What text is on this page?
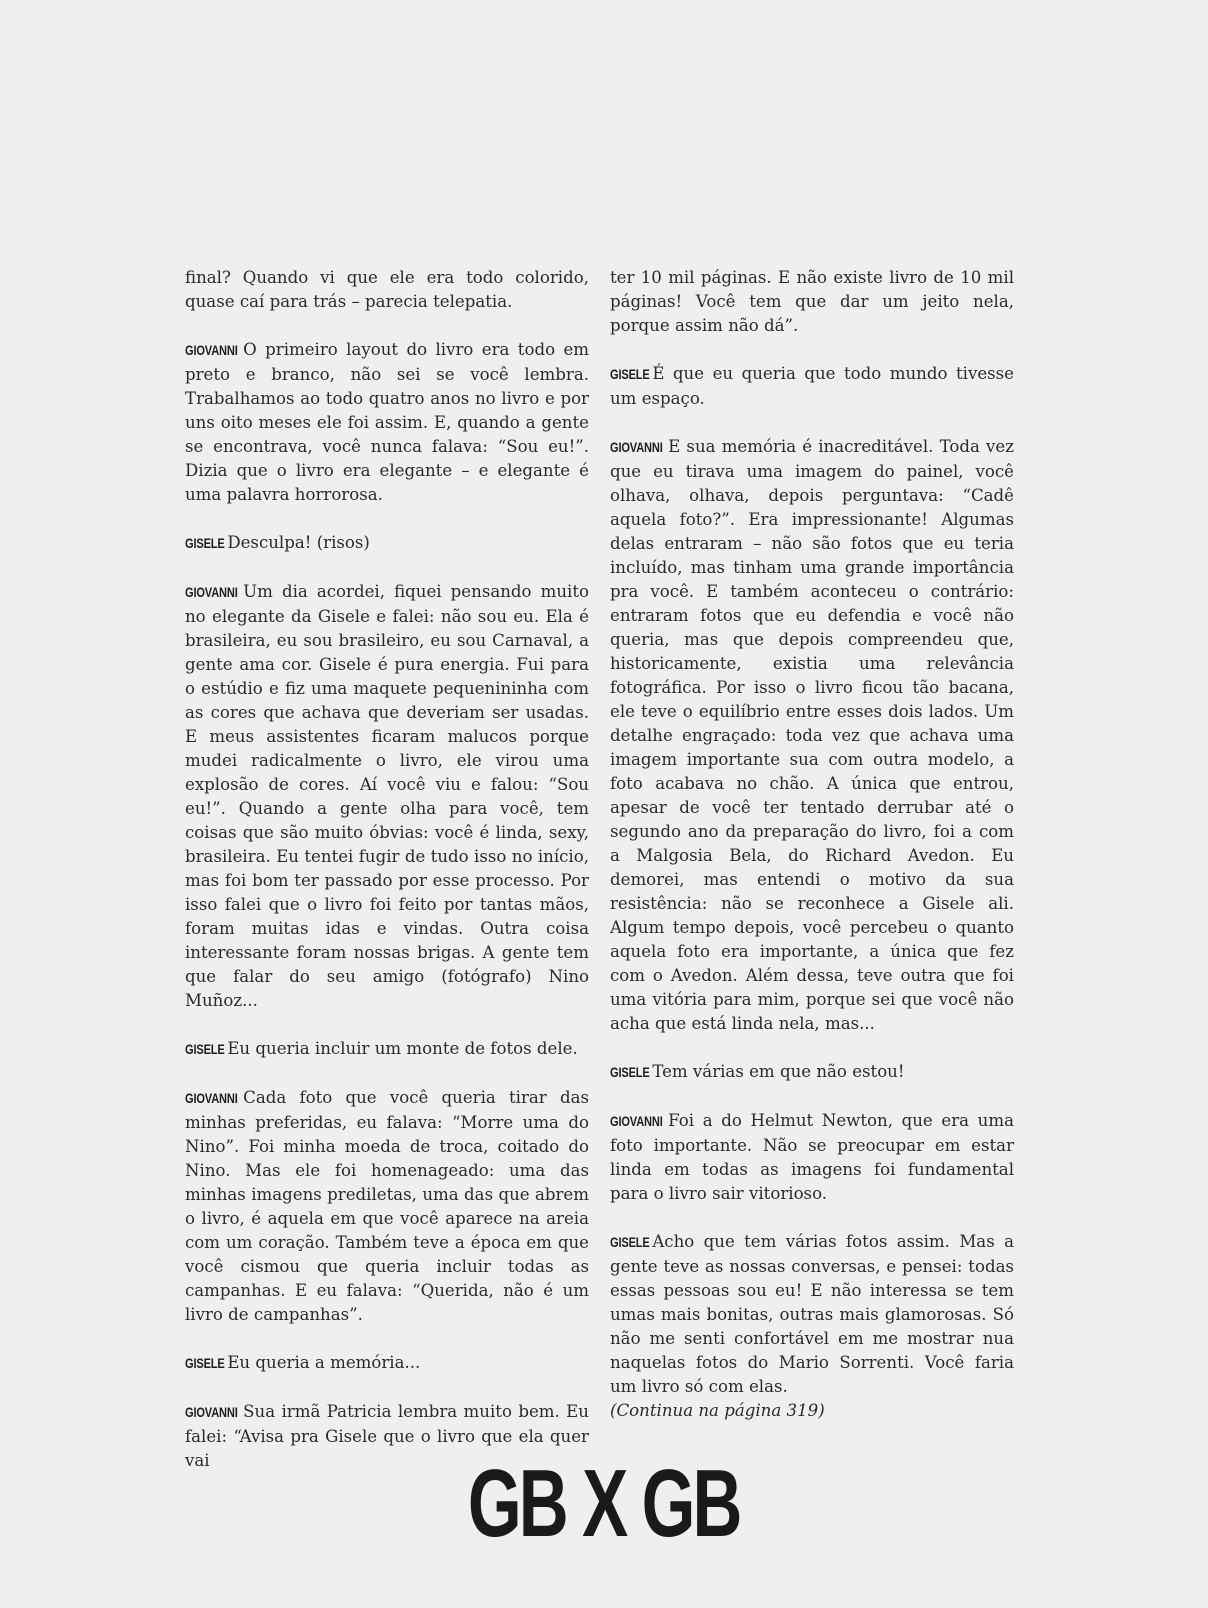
final? Quando vi que ele era todo colorido, quase caí para trás – parecia telepatia.

GIOVANNI O primeiro layout do livro era todo em preto e branco, não sei se você lembra. Trabalhamos ao todo quatro anos no livro e por uns oito meses ele foi assim. E, quando a gente se encontrava, você nunca falava: “Sou eu!”. Dizia que o livro era elegante – e elegante é uma palavra horrorosa.

GISELE Desculpa! (risos)

GIOVANNI Um dia acordei, fiquei pensando muito no elegante da Gisele e falei: não sou eu. Ela é brasileira, eu sou brasileiro, eu sou Carnaval, a gente ama cor. Gisele é pura energia. Fui para o estúdio e fiz uma maquete pequenininha com as cores que achava que deveriam ser usadas. E meus assistentes ficaram malucos porque mudei radicalmente o livro, ele virou uma explosão de cores. Aí você viu e falou: “Sou eu!”. Quando a gente olha para você, tem coisas que são muito óbvias: você é linda, sexy, brasileira. Eu tentei fugir de tudo isso no início, mas foi bom ter passado por esse processo. Por isso falei que o livro foi feito por tantas mãos, foram muitas idas e vindas. Outra coisa interessante foram nossas brigas. A gente tem que falar do seu amigo (fotógrafo) Nino Muñoz...

GISELE Eu queria incluir um monte de fotos dele.

GIOVANNI Cada foto que você queria tirar das minhas preferidas, eu falava: “Morre uma do Nino”. Foi minha moeda de troca, coitado do Nino. Mas ele foi homenageado: uma das minhas imagens prediletas, uma das que abrem o livro, é aquela em que você aparece na areia com um coração. Também teve a época em que você cismou que queria incluir todas as campanhas. E eu falava: “Querida, não é um livro de campanhas”.

GISELE Eu queria a memória...

GIOVANNI Sua irmã Patricia lembra muito bem. Eu falei: “Avisa pra Gisele que o livro que ela quer vai

ter 10 mil páginas. E não existe livro de 10 mil páginas! Você tem que dar um jeito nela, porque assim não dá”.

GISELE É que eu queria que todo mundo tivesse um espaço.

GIOVANNI E sua memória é inacreditável. Toda vez que eu tirava uma imagem do painel, você olhava, olhava, depois perguntava: “Cadê aquela foto?”. Era impressionante! Algumas delas entraram – não são fotos que eu teria incluído, mas tinham uma grande importância pra você. E também aconteceu o contrário: entraram fotos que eu defendia e você não queria, mas que depois compreendeu que, historicamente, existia uma relevância fotográfica. Por isso o livro ficou tão bacana, ele teve o equilíbrio entre esses dois lados. Um detalhe engraçado: toda vez que achava uma imagem importante sua com outra modelo, a foto acabava no chão. A única que entrou, apesar de você ter tentado derrubar até o segundo ano da preparação do livro, foi a com a Malgosia Bela, do Richard Avedon. Eu demorei, mas entendi o motivo da sua resistência: não se reconhece a Gisele ali. Algum tempo depois, você percebeu o quanto aquela foto era importante, a única que fez com o Avedon. Além dessa, teve outra que foi uma vitória para mim, porque sei que você não acha que está linda nela, mas...

GISELE Tem várias em que não estou!

GIOVANNI Foi a do Helmut Newton, que era uma foto importante. Não se preocupar em estar linda em todas as imagens foi fundamental para o livro sair vitorioso.

GISELE Acho que tem várias fotos assim. Mas a gente teve as nossas conversas, e pensei: todas essas pessoas sou eu! E não interessa se tem umas mais bonitas, outras mais glamorosas. Só não me senti confortável em me mostrar nua naquelas fotos do Mario Sorrenti. Você faria um livro só com elas.
(Continua na página 319)

GB X GB
